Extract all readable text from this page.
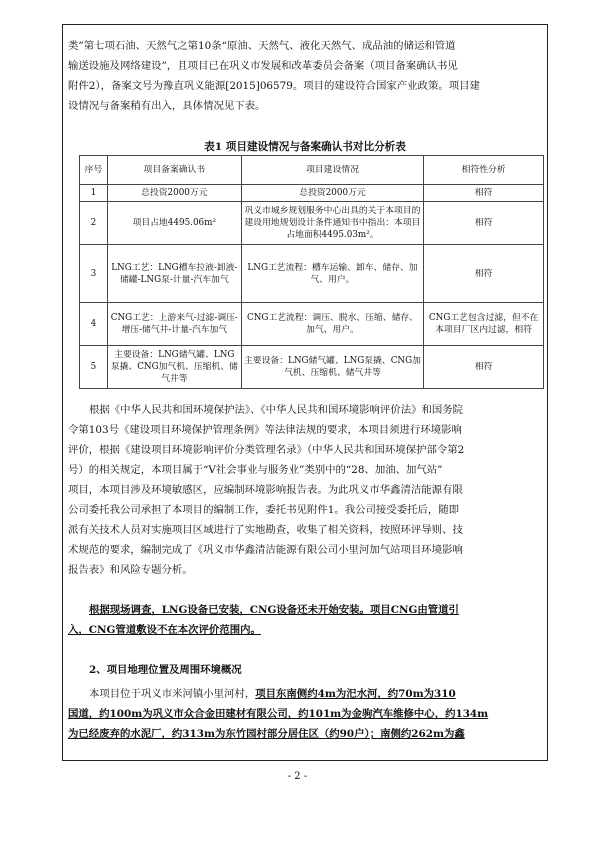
类”第七项石油、天然气之第10条“原油、天然气、液化天然气、成品油的储运和管道
输送设施及网络建设”，且项目已在巩义市发展和改革委员会备案（项目备案确认书见
附件2），备案文号为豫直巩义能源[2015]06579。项目的建设符合国家产业政策。项目建
设情况与备案稍有出入，具体情况见下表。

表1 项目建设情况与备案确认书对比分析表
序号	项目备案确认书	项目建设情况	相符性分析
1	总投资2000万元	总投资2000万元	相符
2	项目占地4495.06m²	巩义市城乡规划服务中心出具的关于本项目的建设用地规划设计条件通知书中指出：本项目占地面积4495.03m²。	相符
3	LNG工艺：LNG槽车拉液-卸液-储罐-LNG泵-计量-汽车加气	LNG工艺流程：槽车运输、卸车、储存、加气、用户。	相符
4	CNG工艺：上游来气-过滤-调压-增压-储气井-计量-汽车加气	CNG工艺流程：调压、脱水、压缩、储存、加气、用户。	CNG工艺包含过滤，但不在本项目厂区内过滤，相符
5	主要设备：LNG储气罐、LNG泵撬、CNG加气机、压缩机、储气井等	主要设备：LNG储气罐、LNG泵撬、CNG加气机、压缩机、储气井等	相符

根据《中华人民共和国环境保护法》、《中华人民共和国环境影响评价法》和国务院
令第103号《建设项目环境保护管理条例》等法律法规的要求，本项目须进行环境影响
评价，根据《建设项目环境影响评价分类管理名录》（中华人民共和国环境保护部令第2
号）的相关规定，本项目属于“V社会事业与服务业”类别中的“28、加油、加气站”
项目，本项目涉及环境敏感区，应编制环境影响报告表。为此巩义市华鑫清洁能源有限
公司委托我公司承担了本项目的编制工作，委托书见附件1。我公司接受委托后，随即
派有关技术人员对实施项目区域进行了实地勘查，收集了相关资料，按照环评导则、技
术规范的要求，编制完成了《巩义市华鑫清洁能源有限公司小里河加气站项目环境影响
报告表》和风险专题分析。

根据现场调查，LNG设备已安装，CNG设备还未开始安装。项目CNG由管道引
入，CNG管道敷设不在本次评价范围内。

2、项目地理位置及周围环境概况

本项目位于巩义市米河镇小里河村，项目东南侧约4m为汜水河，约70m为310
国道，约100m为巩义市众合金田建材有限公司，约101m为金驹汽车维修中心，约134m
为已经废弃的水泥厂，约313m为东竹园村部分居住区（约90户）；南侧约262m为鑫

- 2 -
